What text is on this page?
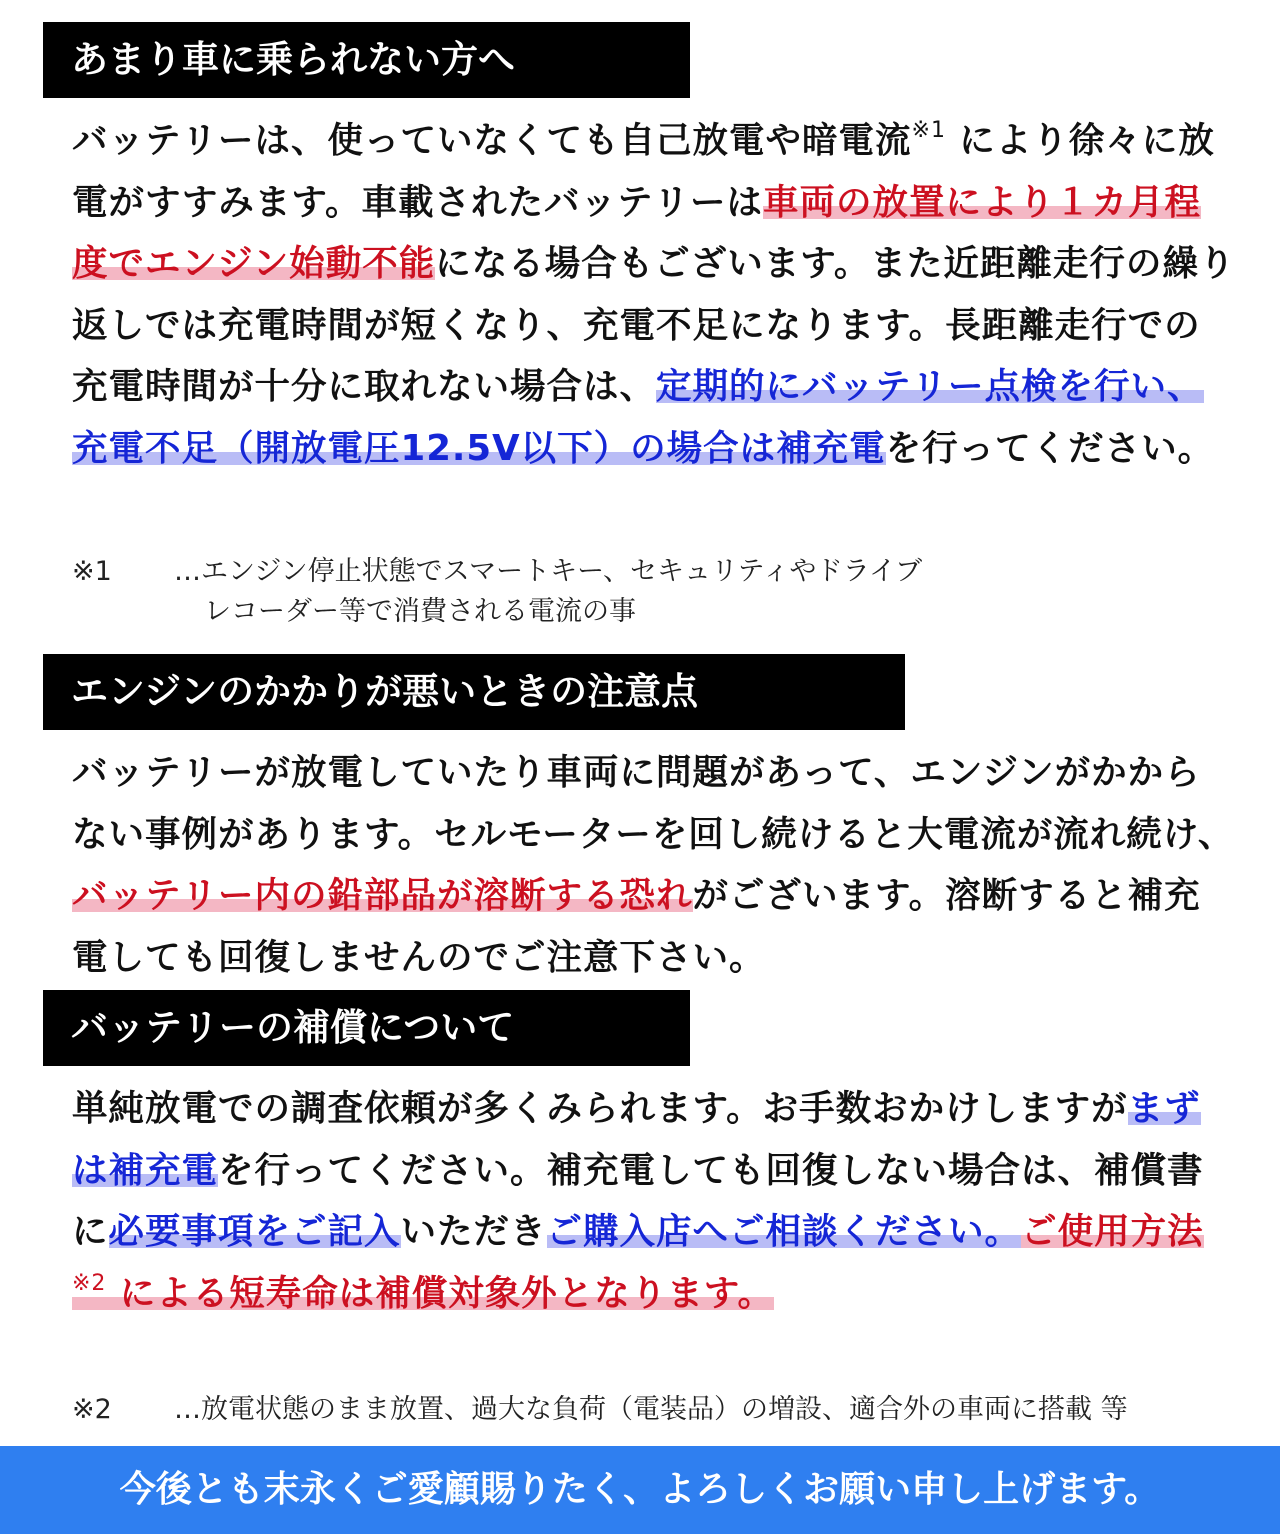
あまり車に乗られない方へ

バッテリーは、使っていなくても自己放電や暗電流$^{※1}$ により徐々に放電がすすみます。車載されたバッテリーは車両の放置により１カ月程度でエンジン始動不能になる場合もございます。また近距離走行の繰り返しでは充電時間が短くなり、充電不足になります。長距離走行での充電時間が十分に取れない場合は、定期的にバッテリー点検を行い、充電不足（開放電圧12.5V以下）の場合は補充電を行ってください。

※1 …エンジン停止状態でスマートキー、セキュリティやドライブ
レコーダー等で消費される電流の事
エンジンのかかりが悪いときの注意点

バッテリーが放電していたり車両に問題があって、エンジンがかからない事例があります。セルモーターを回し続けると大電流が流れ続け、バッテリー内の鉛部品が溶断する恐れがございます。溶断すると補充電しても回復しませんのでご注意下さい。

バッテリーの補償について

単純放電での調査依頼が多くみられます。お手数おかけしますがまずは補充電を行ってください。補充電しても回復しない場合は、補償書に必要事項をご記入いただきご購入店へご相談ください。ご使用方法$^{※2}$ による短寿命は補償対象外となります。

※2 …放電状態のまま放置、過大な負荷（電装品）の増設、適合外の車両に搭載 等
今後とも末永くご愛顧賜りたく、よろしくお願い申し上げます。
